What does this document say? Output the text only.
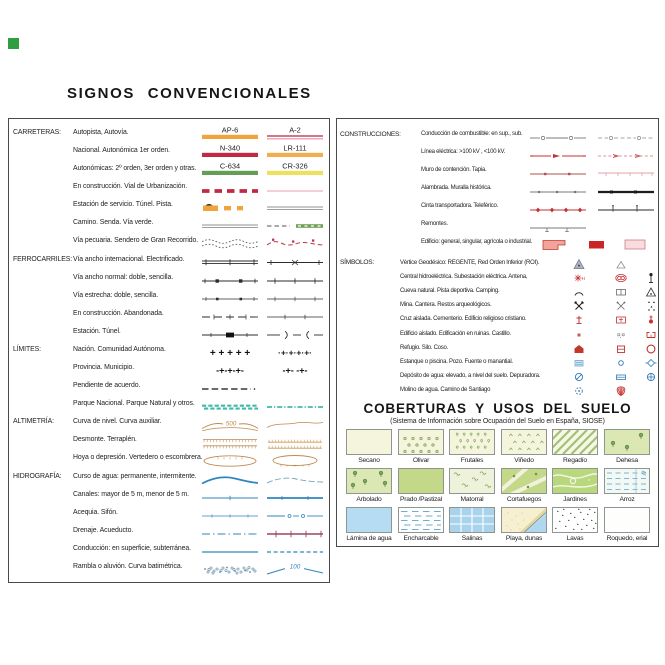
SIGNOS CONVENCIONALES
CARRETERAS: Autopista, Autovía.	AP-6	A-2
Nacional. Autonómica 1er orden.	N-340	LR-111
Autonómicas: 2º orden, 3er orden y otras.	C-634	CR-326
En construcción. Vial de Urbanización.
Estación de servicio. Túnel. Pista.
Camino. Senda. Vía verde.
Vía pecuaria. Sendero de Gran Recorrido.
FERROCARRILES: Vía ancho internacional. Electrificado.
Vía ancho normal: doble, sencilla.
Vía estrecha: doble, sencilla.
En construcción. Abandonada.
Estación. Túnel.
LÍMITES:	Nación. Comunidad Autónoma.	+ + + + +	·+·+·+·+·
Provincia. Municipio.	-+-+-+-	-+- -+-
Pendiente de acuerdo.
Parque Nacional. Parque Natural y otros.
ALTIMETRÍA:	Curva de nivel. Curva auxiliar.	500
Desmonte. Terraplén.
Hoya o depresión. Vertedero o escombrera.
HIDROGRAFÍA: Curso de agua: permanente, intermitente.
Canales: mayor de 5 m, menor de 5 m.
Acequia. Sifón.
Drenaje. Acueducto.
Conducción: en superficie, subterránea.
Rambla o aluvión. Curva batimétrica.	100
COBERTURAS Y USOS DEL SUELO
(Sistema de Información sobre Ocupación del Suelo en España, SIOSE)
CONSTRUCCIONES:	Conducción de combustible: en sup., sub.
Línea eléctrica: >100 kV , <100 kV.
Muro de contención. Tapia.
Alambrada. Muralla histórica.
Cinta transportadora. Teleférico.
Remontes.
Edificio: general, singular, agrícola o industrial.
SÍMBOLOS:	Vértice Geodésico: REGENTE, Red Orden Inferior (ROI).
Central hidroeléctrica. Subestación eléctrica. Antena,	H
Cueva natural. Pista deportiva. Camping.
Mina. Cantera. Restos arqueológicos.
Cruz aislada. Cementerio. Edificio religioso cristiano.
Edificio aislado. Edificación en ruinas. Castillo.
Refugio. Silo. Coso.
Estanque o piscina. Pozo. Fuente o manantial.
Depósito de agua: elevado, a nivel del suelo. Depuradora.
Molino de agua. Camino de Santiago
Secano	Olivar	Frutales	Viñedo	Regadío	Dehesa
Arbolado	Prado /Pastizal	Matorral	Cortafuegos	Jardines	Arroz
Lámina de agua	Encharcable	Salinas	Playa, dunas	Lavas	Roquedo, erial
